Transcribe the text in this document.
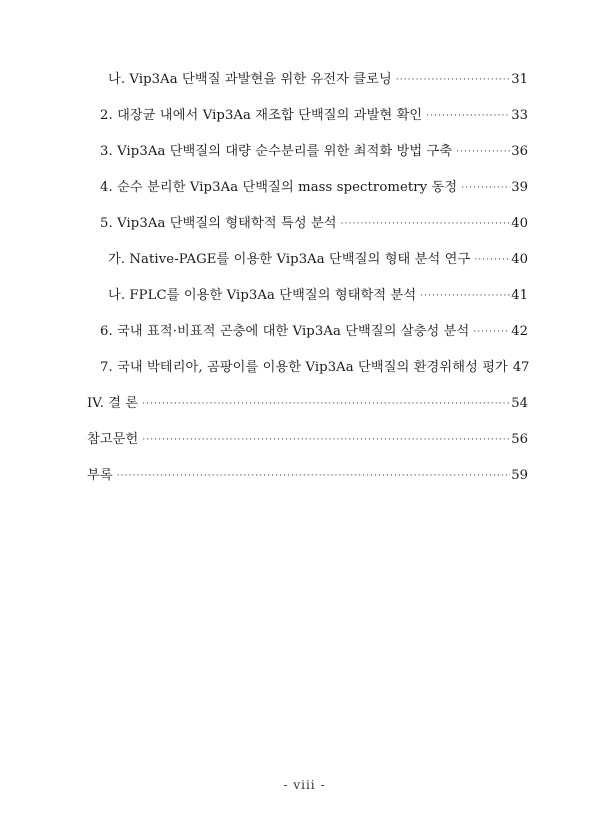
나. Vip3Aa 단백질 과발현을 위한 유전자 클로닝 ·····	31
2. 대장균 내에서 Vip3Aa 재조합 단백질의 과발현 확인 ·····	33
3. Vip3Aa 단백질의 대량 순수분리를 위한 최적화 방법 구축 ·····	36
4. 순수 분리한 Vip3Aa 단백질의 mass spectrometry 동정 ·····	39
5. Vip3Aa 단백질의 형태학적 특성 분석 ·····	40
가. Native-PAGE를 이용한 Vip3Aa 단백질의 형태 분석 연구 ·····	40
나. FPLC를 이용한 Vip3Aa 단백질의 형태학적 분석 ·····	41
6. 국내 표적·비표적 곤충에 대한 Vip3Aa 단백질의 살충성 분석 ·····	42
7. 국내 박테리아, 곰팡이를 이용한 Vip3Aa 단백질의 환경위해성 평가 47
IV. 결 론 ·····	54
참고문헌 ·····	56
부록 ·····	59
- viii -
